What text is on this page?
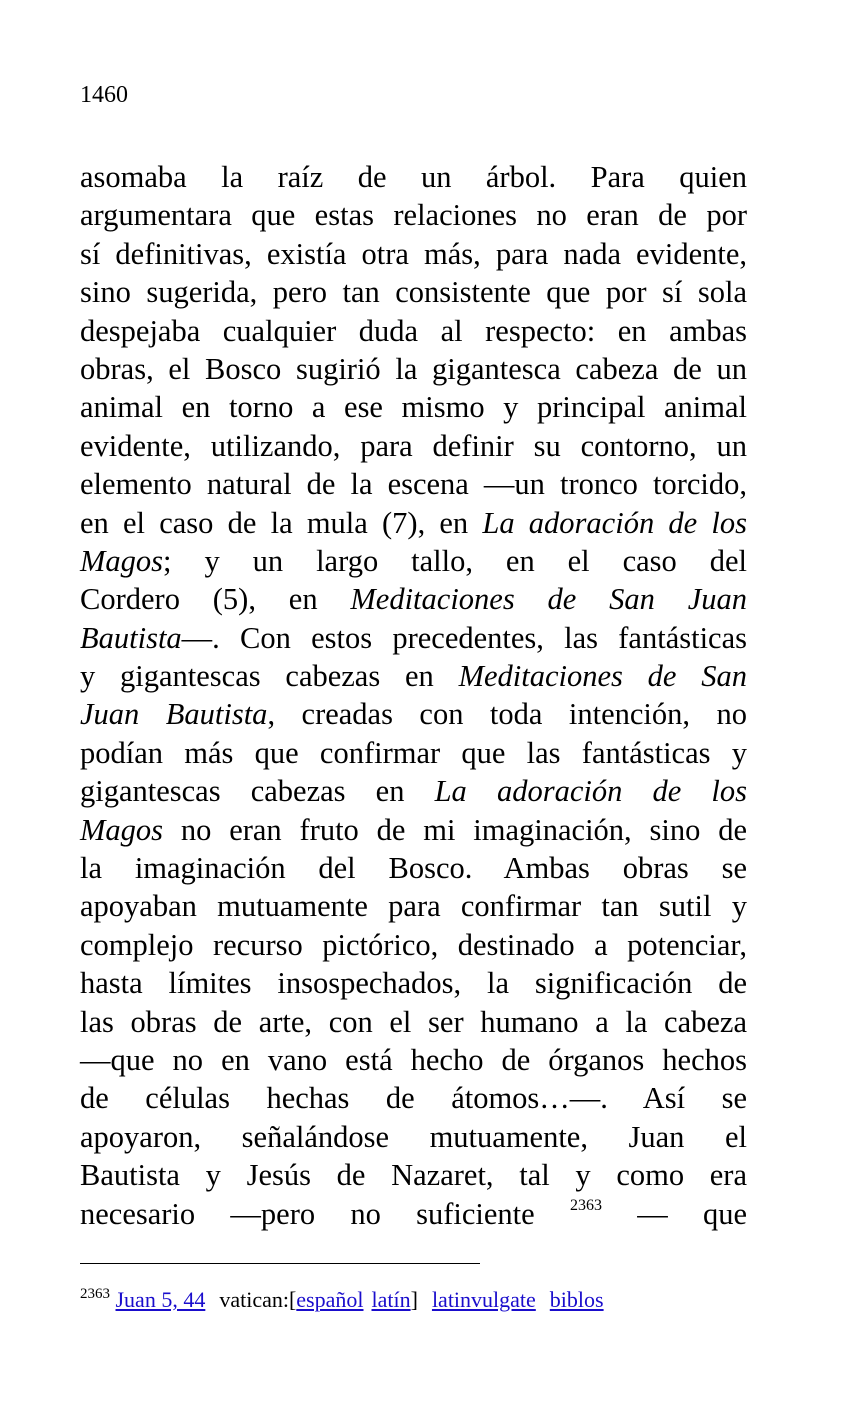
1460
asomaba la raíz de un árbol. Para quien
argumentara que estas relaciones no eran de por
sí definitivas, existía otra más, para nada evidente,
sino sugerida, pero tan consistente que por sí sola
despejaba cualquier duda al respecto: en ambas
obras, el Bosco sugirió la gigantesca cabeza de un
animal en torno a ese mismo y principal animal
evidente, utilizando, para definir su contorno, un
elemento natural de la escena —un tronco torcido,
en el caso de la mula (7), en La adoración de los
Magos; y un largo tallo, en el caso del
Cordero (5), en Meditaciones de San Juan
Bautista—. Con estos precedentes, las fantásticas
y gigantescas cabezas en Meditaciones de San
Juan Bautista, creadas con toda intención, no
podían más que confirmar que las fantásticas y
gigantescas cabezas en La adoración de los
Magos no eran fruto de mi imaginación, sino de
la imaginación del Bosco. Ambas obras se
apoyaban mutuamente para confirmar tan sutil y
complejo recurso pictórico, destinado a potenciar,
hasta límites insospechados, la significación de
las obras de arte, con el ser humano a la cabeza
—que no en vano está hecho de órganos hechos
de células hechas de átomos…—. Así se
apoyaron, señalándose mutuamente, Juan el
Bautista y Jesús de Nazaret, tal y como era
necesario —pero no suficiente $^{2363}$ — que
$^{2363}$ Juan 5, 44 vatican:[español latín] latinvulgate biblos
